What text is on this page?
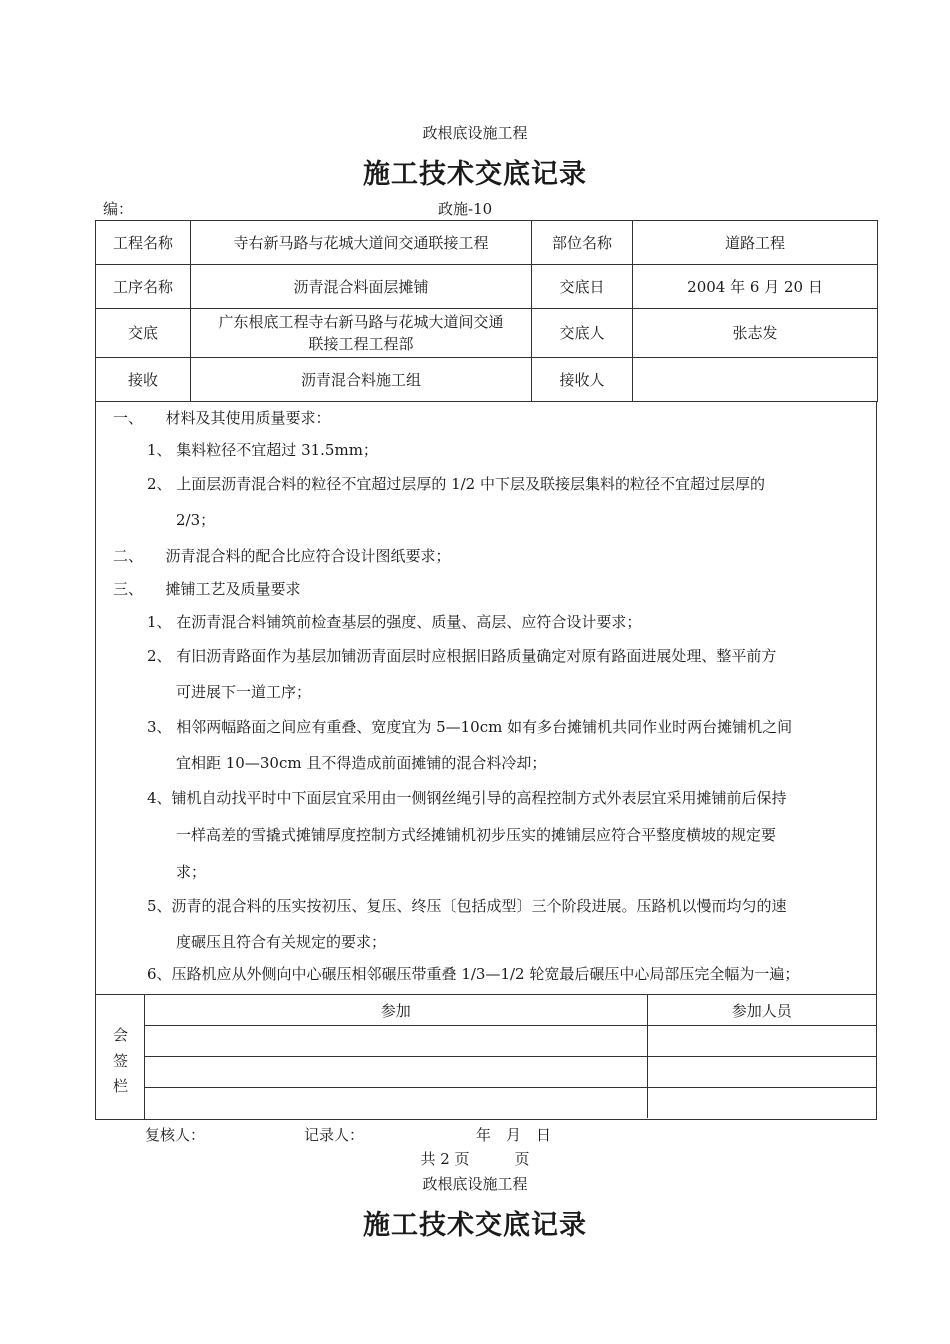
政根底设施工程
施工技术交底记录
编：	政施-10
工程名称	寺右新马路与花城大道间交通联接工程	部位名称	道路工程
工序名称	沥青混合料面层摊铺	交底日	2004 年 6 月 20 日
交底	广东根底工程寺右新马路与花城大道间交通
联接工程工程部	交底人	张志发
接收	沥青混合料施工组	接收人	
一、　　材料及其使用质量要求：
1、 集料粒径不宜超过 31.5mm；
2、 上面层沥青混合料的粒径不宜超过层厚的 1/2 中下层及联接层集料的粒径不宜超过层厚的
2/3；
二、　　沥青混合料的配合比应符合设计图纸要求；
三、　　摊铺工艺及质量要求
1、 在沥青混合料铺筑前检查基层的强度、质量、高层、应符合设计要求；
2、 有旧沥青路面作为基层加铺沥青面层时应根据旧路质量确定对原有路面进展处理、整平前方
可进展下一道工序；
3、 相邻两幅路面之间应有重叠、宽度宜为 5—10cm 如有多台摊铺机共同作业时两台摊铺机之间
宜相距 10—30cm 且不得造成前面摊铺的混合料冷却；
4、铺机自动找平时中下面层宜采用由一侧钢丝绳引导的高程控制方式外表层宜采用摊铺前后保持
一样高差的雪撬式摊铺厚度控制方式经摊铺机初步压实的摊铺层应符合平整度横坡的规定要
求；
5、沥青的混合料的压实按初压、复压、终压〔包括成型〕三个阶段进展。压路机以慢而均匀的速
度碾压且符合有关规定的要求；
6、压路机应从外侧向中心碾压相邻碾压带重叠 1/3—1/2 轮宽最后碾压中心局部压完全幅为一遍；
会
签
栏
参加	参加人员

复核人：	记录人：	年　月　日
共 2 页　　　页
政根底设施工程
施工技术交底记录
